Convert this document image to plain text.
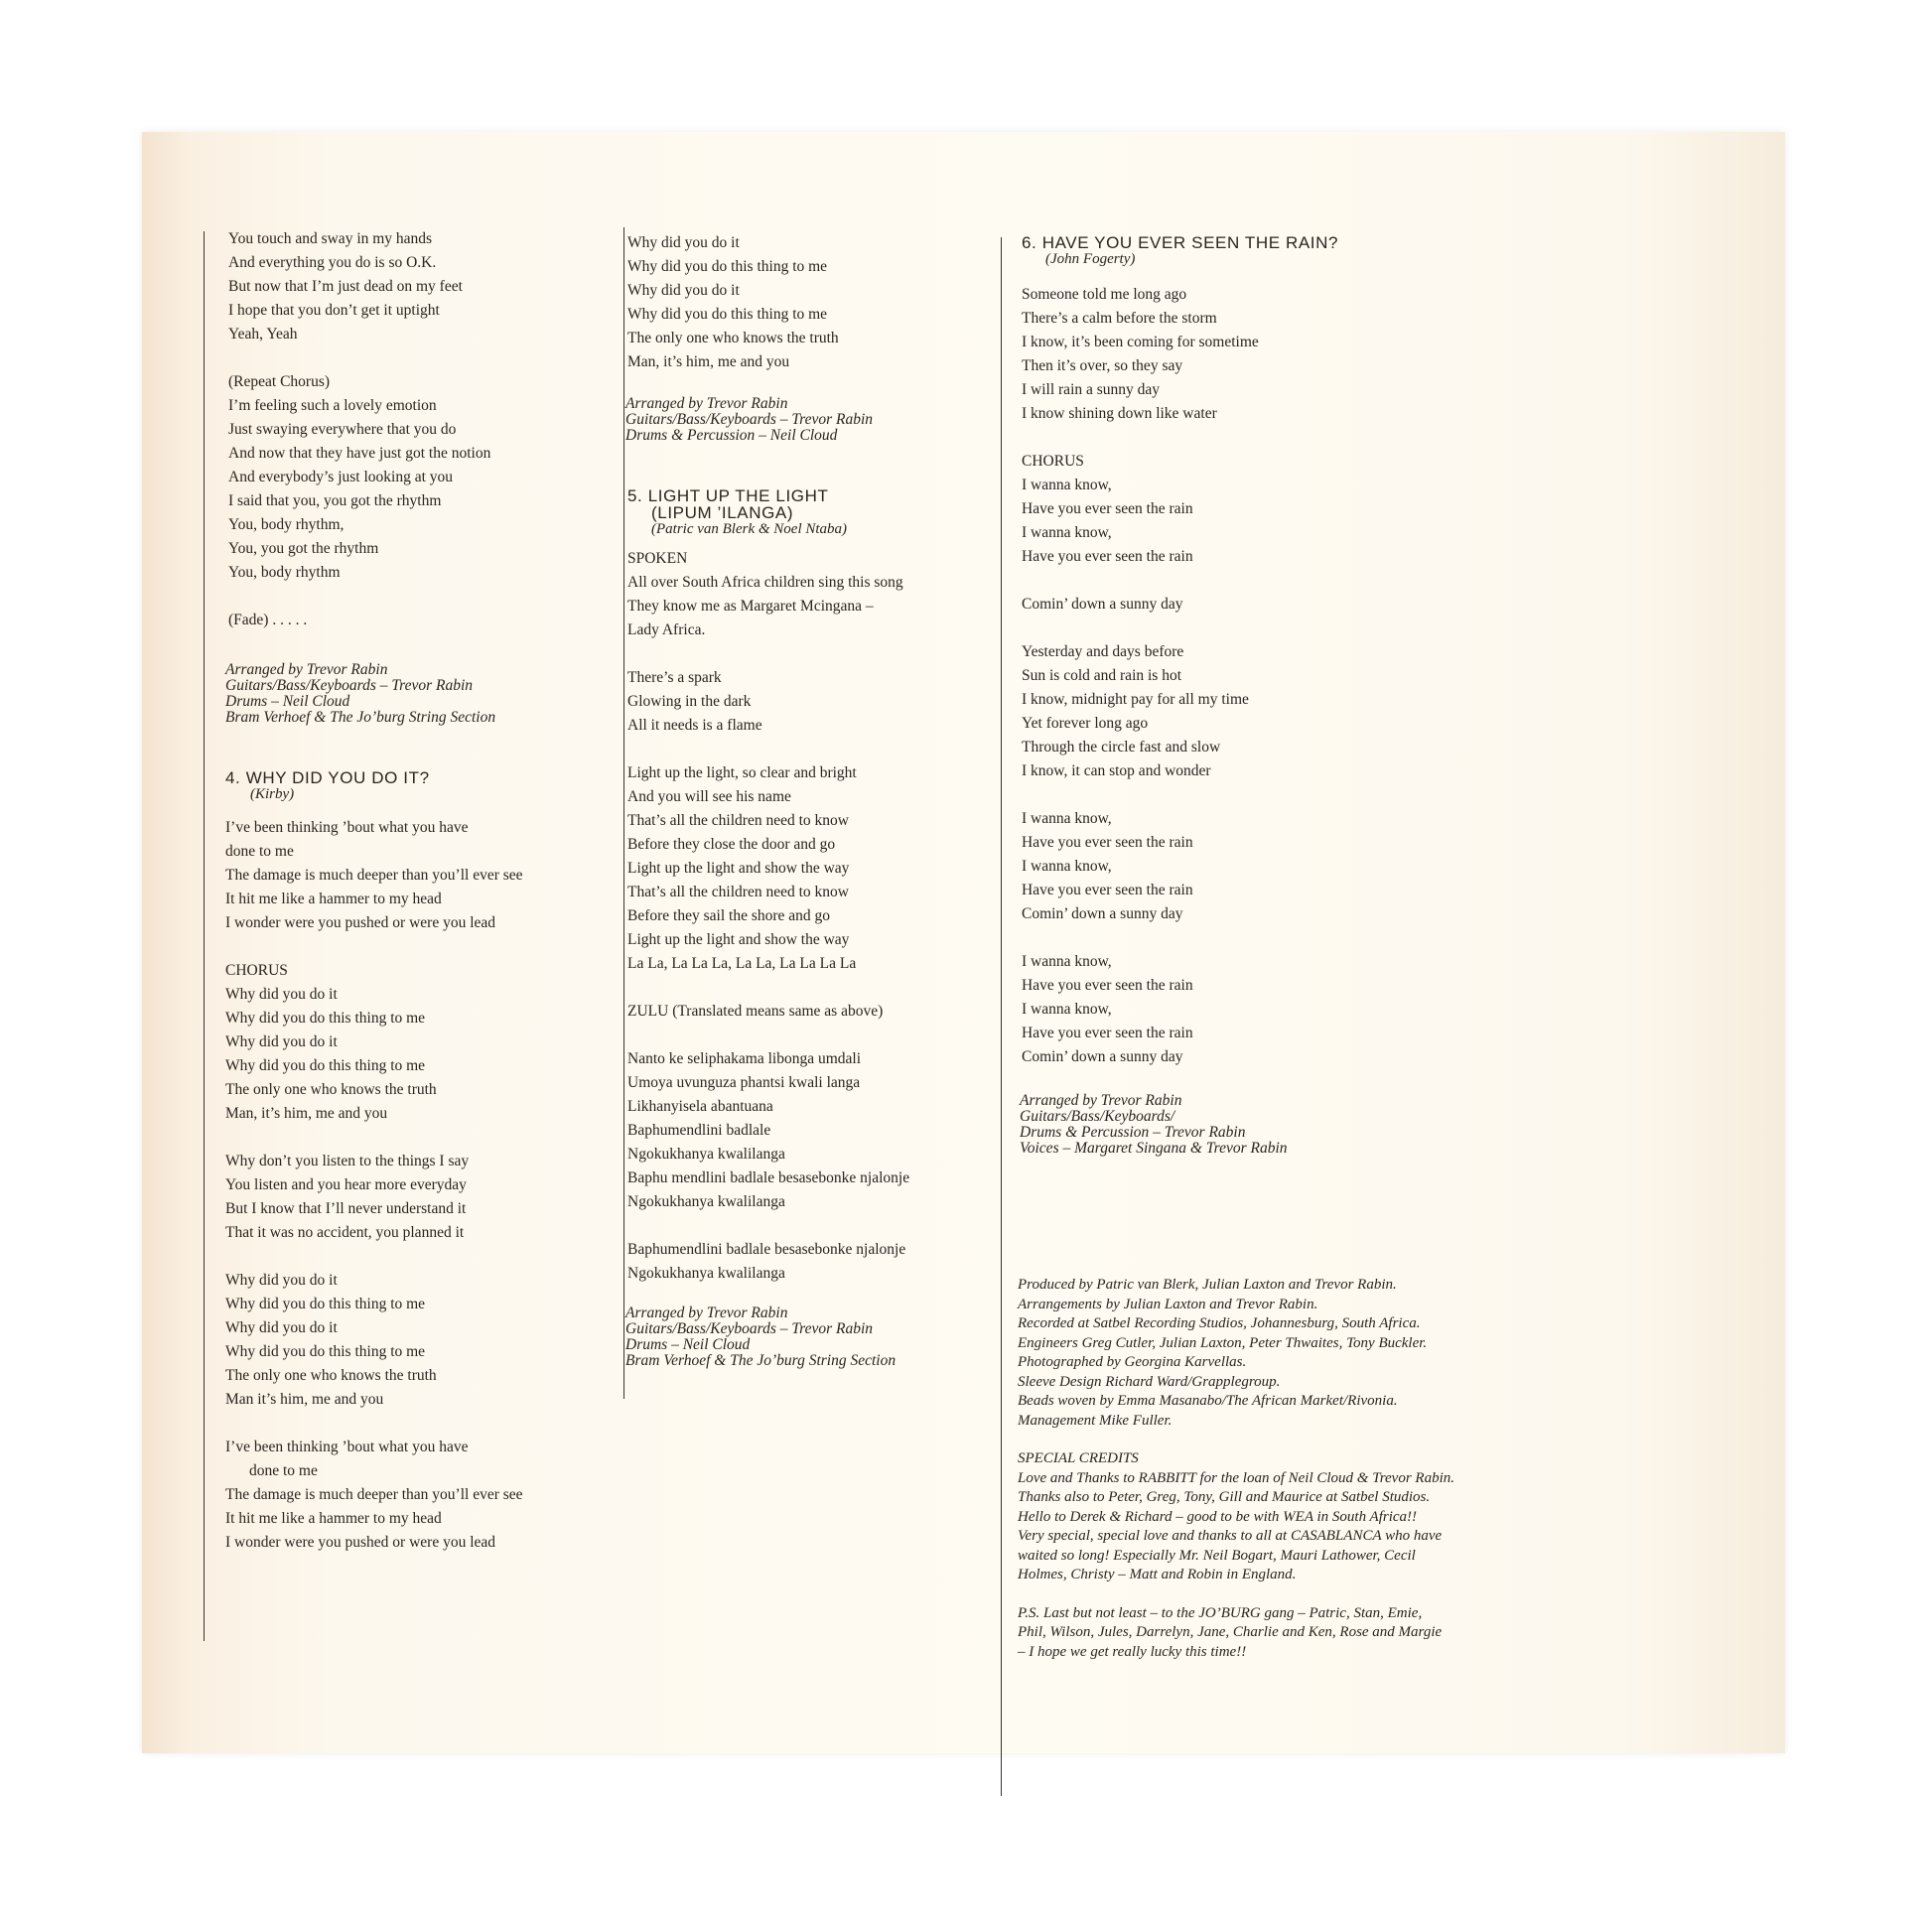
You touch and sway in my hands
And everything you do is so O.K.
But now that I’m just dead on my feet
I hope that you don’t get it uptight
Yeah, Yeah
(Repeat Chorus)
I’m feeling such a lovely emotion
Just swaying everywhere that you do
And now that they have just got the notion
And everybody’s just looking at you
I said that you, you got the rhythm
You, body rhythm,
You, you got the rhythm
You, body rhythm
(Fade) . . . . .
Arranged by Trevor Rabin
Guitars/Bass/Keyboards – Trevor Rabin
Drums – Neil Cloud
Bram Verhoef & The Jo’burg String Section
4. WHY DID YOU DO IT?
(Kirby)
I’ve been thinking ’bout what you have
done to me
The damage is much deeper than you’ll ever see
It hit me like a hammer to my head
I wonder were you pushed or were you lead
CHORUS
Why did you do it
Why did you do this thing to me
Why did you do it
Why did you do this thing to me
The only one who knows the truth
Man, it’s him, me and you
Why don’t you listen to the things I say
You listen and you hear more everyday
But I know that I’ll never understand it
That it was no accident, you planned it
Why did you do it
Why did you do this thing to me
Why did you do it
Why did you do this thing to me
The only one who knows the truth
Man it’s him, me and you
I’ve been thinking ’bout what you have
done to me
The damage is much deeper than you’ll ever see
It hit me like a hammer to my head
I wonder were you pushed or were you lead
Why did you do it
Why did you do this thing to me
Why did you do it
Why did you do this thing to me
The only one who knows the truth
Man, it’s him, me and you
Arranged by Trevor Rabin
Guitars/Bass/Keyboards – Trevor Rabin
Drums & Percussion – Neil Cloud
5. LIGHT UP THE LIGHT
(LIPUM ’ILANGA)
(Patric van Blerk & Noel Ntaba)
SPOKEN
All over South Africa children sing this song
They know me as Margaret Mcingana –
Lady Africa.
There’s a spark
Glowing in the dark
All it needs is a flame
Light up the light, so clear and bright
And you will see his name
That’s all the children need to know
Before they close the door and go
Light up the light and show the way
That’s all the children need to know
Before they sail the shore and go
Light up the light and show the way
La La, La La La, La La, La La La La
ZULU (Translated means same as above)
Nanto ke seliphakama libonga umdali
Umoya uvunguza phantsi kwali langa
Likhanyisela abantuana
Baphumendlini badlale
Ngokukhanya kwalilanga
Baphu mendlini badlale besasebonke njalonje
Ngokukhanya kwalilanga
Baphumendlini badlale besasebonke njalonje
Ngokukhanya kwalilanga
Arranged by Trevor Rabin
Guitars/Bass/Keyboards – Trevor Rabin
Drums – Neil Cloud
Bram Verhoef & The Jo’burg String Section
6. HAVE YOU EVER SEEN THE RAIN?
(John Fogerty)
Someone told me long ago
There’s a calm before the storm
I know, it’s been coming for sometime
Then it’s over, so they say
I will rain a sunny day
I know shining down like water
CHORUS
I wanna know,
Have you ever seen the rain
I wanna know,
Have you ever seen the rain
Comin’ down a sunny day
Yesterday and days before
Sun is cold and rain is hot
I know, midnight pay for all my time
Yet forever long ago
Through the circle fast and slow
I know, it can stop and wonder
I wanna know,
Have you ever seen the rain
I wanna know,
Have you ever seen the rain
Comin’ down a sunny day
I wanna know,
Have you ever seen the rain
I wanna know,
Have you ever seen the rain
Comin’ down a sunny day
Arranged by Trevor Rabin
Guitars/Bass/Keyboards/
Drums & Percussion – Trevor Rabin
Voices – Margaret Singana & Trevor Rabin
Produced by Patric van Blerk, Julian Laxton and Trevor Rabin.
Arrangements by Julian Laxton and Trevor Rabin.
Recorded at Satbel Recording Studios, Johannesburg, South Africa.
Engineers Greg Cutler, Julian Laxton, Peter Thwaites, Tony Buckler.
Photographed by Georgina Karvellas.
Sleeve Design Richard Ward/Grapplegroup.
Beads woven by Emma Masanabo/The African Market/Rivonia.
Management Mike Fuller.
SPECIAL CREDITS
Love and Thanks to RABBITT for the loan of Neil Cloud & Trevor Rabin.
Thanks also to Peter, Greg, Tony, Gill and Maurice at Satbel Studios.
Hello to Derek & Richard – good to be with WEA in South Africa!!
Very special, special love and thanks to all at CASABLANCA who have
waited so long! Especially Mr. Neil Bogart, Mauri Lathower, Cecil
Holmes, Christy – Matt and Robin in England.
P.S. Last but not least – to the JO’BURG gang – Patric, Stan, Emie,
Phil, Wilson, Jules, Darrelyn, Jane, Charlie and Ken, Rose and Margie
– I hope we get really lucky this time!!
